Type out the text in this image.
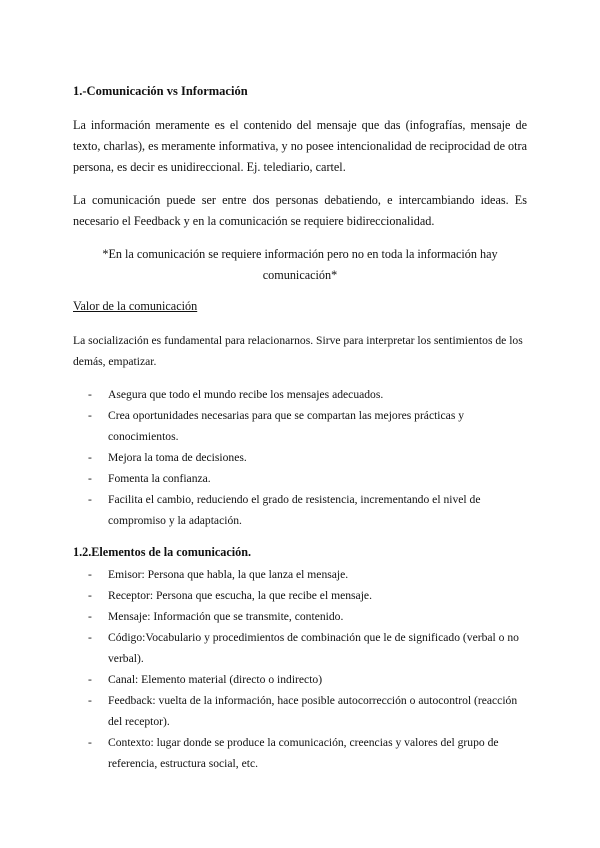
1.-Comunicación vs Información

La información meramente es el contenido del mensaje que das (infografías, mensaje de texto, charlas), es meramente informativa, y no posee intencionalidad de reciprocidad de otra persona, es decir es unidireccional. Ej. telediario, cartel.

La comunicación puede ser entre dos personas debatiendo, e intercambiando ideas. Es necesario el Feedback y en la comunicación se requiere bidireccionalidad.

*En la comunicación se requiere información pero no en toda la información hay
comunicación*

Valor de la comunicación

La socialización es fundamental para relacionarnos. Sirve para interpretar los sentimientos de los demás, empatizar.

- Asegura que todo el mundo recibe los mensajes adecuados.
- Crea oportunidades necesarias para que se compartan las mejores prácticas y conocimientos.
- Mejora la toma de decisiones.
- Fomenta la confianza.
- Facilita el cambio, reduciendo el grado de resistencia, incrementando el nivel de compromiso y la adaptación.
1.2.Elementos de la comunicación.
- Emisor: Persona que habla, la que lanza el mensaje.
- Receptor: Persona que escucha, la que recibe el mensaje.
- Mensaje: Información que se transmite, contenido.
- Código:Vocabulario y procedimientos de combinación que le de significado (verbal o no verbal).
- Canal: Elemento material (directo o indirecto)
- Feedback: vuelta de la información, hace posible autocorrección o autocontrol (reacción del receptor).
- Contexto: lugar donde se produce la comunicación, creencias y valores del grupo de referencia, estructura social, etc.
